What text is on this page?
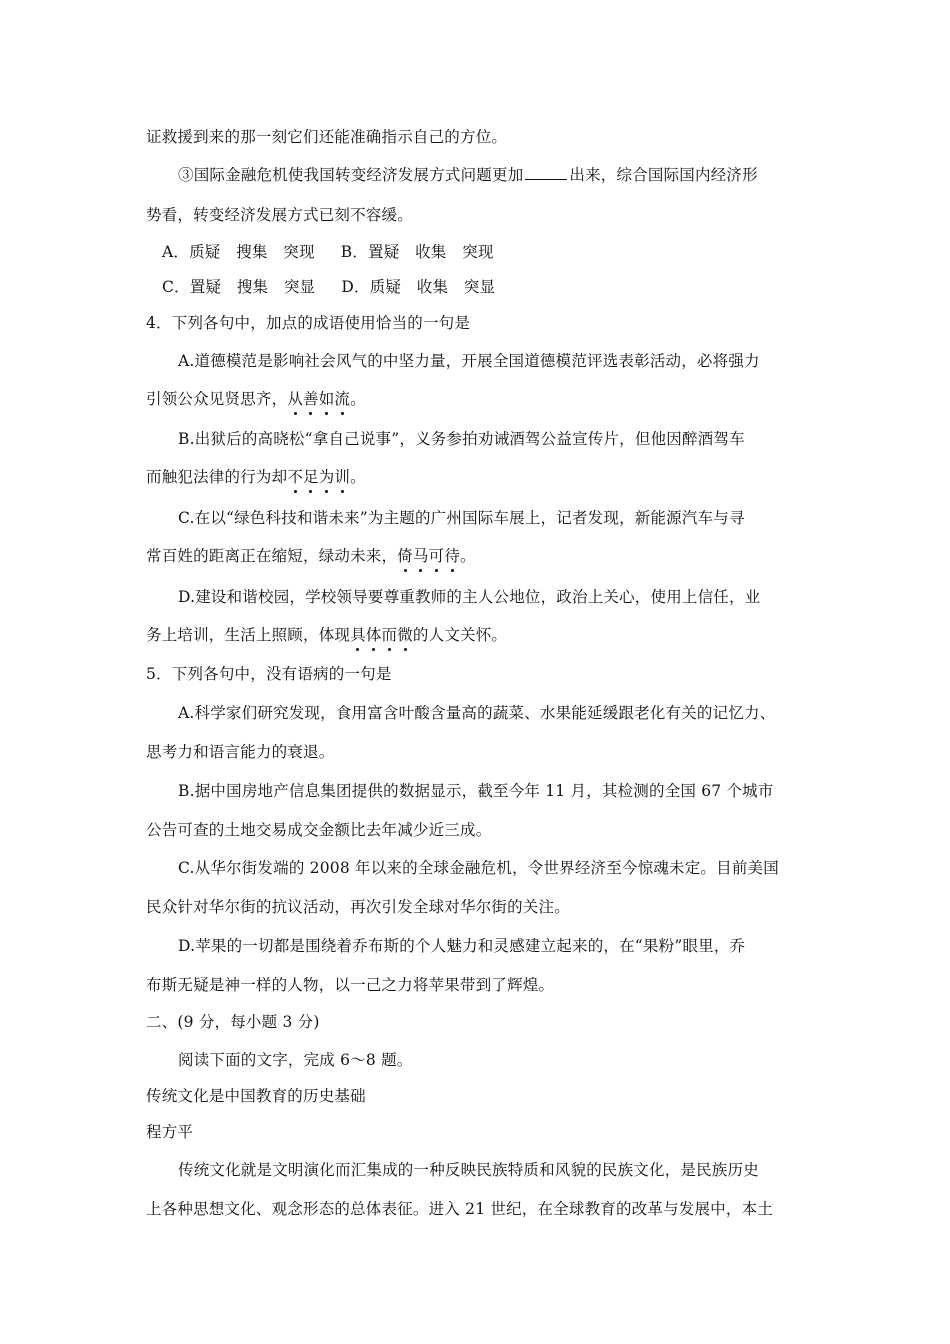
证救援到来的那一刻它们还能准确指示自己的方位。
③国际金融危机使我国转变经济发展方式问题更加	出来，综合国际国内经济形
势看，转变经济发展方式已刻不容缓。
A．质疑　搜集　突现 B．置疑　收集　突现
C．置疑　搜集　突显 D．质疑　收集　突显
4．下列各句中，加点的成语使用恰当的一句是
A.道德模范是影响社会风气的中坚力量，开展全国道德模范评选表彰活动，必将强力
引领公众见贤思齐，从善如流。
B.出狱后的高晓松“拿自己说事”，义务参拍劝诫酒驾公益宣传片，但他因醉酒驾车
而触犯法律的行为却不足为训。
C.在以“绿色科技和谐未来”为主题的广州国际车展上，记者发现，新能源汽车与寻
常百姓的距离正在缩短，绿动未来，倚马可待。
D.建设和谐校园，学校领导要尊重教师的主人公地位，政治上关心，使用上信任，业
务上培训，生活上照顾，体现具体而微的人文关怀。
5．下列各句中，没有语病的一句是
A.科学家们研究发现，食用富含叶酸含量高的蔬菜、水果能延缓跟老化有关的记忆力、
思考力和语言能力的衰退。
B.据中国房地产信息集团提供的数据显示，截至今年 11 月，其检测的全国 67 个城市
公告可查的土地交易成交金额比去年减少近三成。
C.从华尔街发端的 2008 年以来的全球金融危机，令世界经济至今惊魂未定。目前美国
民众针对华尔街的抗议活动，再次引发全球对华尔街的关注。
D.苹果的一切都是围绕着乔布斯的个人魅力和灵感建立起来的，在“果粉”眼里，乔
布斯无疑是神一样的人物，以一己之力将苹果带到了辉煌。
二、(9 分，每小题 3 分)
阅读下面的文字，完成 6～8 题。
传统文化是中国教育的历史基础
程方平
传统文化就是文明演化而汇集成的一种反映民族特质和风貌的民族文化，是民族历史
上各种思想文化、观念形态的总体表征。进入 21 世纪，在全球教育的改革与发展中，本土
